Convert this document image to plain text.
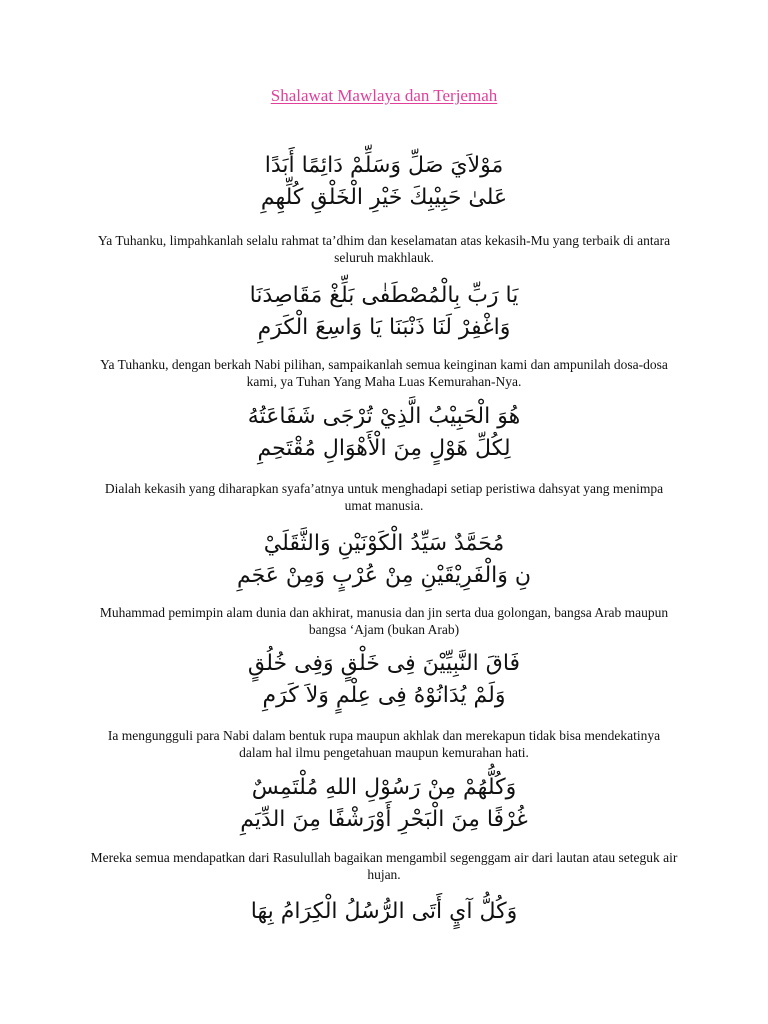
Shalawat Mawlaya dan Terjemah
مَوْلاَيَ صَلِّ وَسَلِّمْ دَائِمًا أَبَدًا
عَلىٰ حَبِيْبِكَ خَيْرِ الْخَلْقِ كُلِّهِمِ
Ya Tuhanku, limpahkanlah selalu rahmat ta’dhim dan keselamatan atas kekasih-Mu yang terbaik di antara seluruh makhlauk.
يَا رَبِّ بِالْمُصْطَفٰى بَلِّغْ مَقَاصِدَنَا
وَاغْفِرْ لَنَا ذَنْبَنَا يَا وَاسِعَ الْكَرَمِ
Ya Tuhanku, dengan berkah Nabi pilihan, sampaikanlah semua keinginan kami dan ampunilah dosa-dosa kami, ya Tuhan Yang Maha Luas Kemurahan-Nya.
هُوَ الْحَبِيْبُ الَّذِيْ تُرْجَى شَفَاعَتُهُ
لِكُلِّ هَوْلٍ مِنَ الْأَهْوَالِ مُقْتَحِمِ
Dialah kekasih yang diharapkan syafa’atnya untuk menghadapi setiap peristiwa dahsyat yang menimpa umat manusia.
مُحَمَّدٌ سَيِّدُ الْكَوْنَيْنِ وَالثَّقَلَيْ
نِ وَالْفَرِيْقَيْنِ مِنْ عُرْبٍ وَمِنْ عَجَمِ
Muhammad pemimpin alam dunia dan akhirat, manusia dan jin serta dua golongan, bangsa Arab maupun bangsa ‘Ajam (bukan Arab)
فَاقَ النَّبِيِّيْنَ فِى خَلْقٍ وَفِى خُلُقٍ
وَلَمْ يُدَانُوْهُ فِى عِلْمٍ وَلاَ كَرَمِ
Ia mengungguli para Nabi dalam bentuk rupa maupun akhlak dan merekapun tidak bisa mendekatinya dalam hal ilmu pengetahuan maupun kemurahan hati.
وَكُلُّهُمْ مِنْ رَسُوْلِ اللهِ مُلْتَمِسٌ
غُرْفًا مِنَ الْبَحْرِ أَوْرَشْفًا مِنَ الدِّيَمِ
Mereka semua mendapatkan dari Rasulullah bagaikan mengambil segenggam air dari lautan atau seteguk air hujan.
وَكُلُّ آيٍ أَتَى الرُّسُلُ الْكِرَامُ بِهَا
